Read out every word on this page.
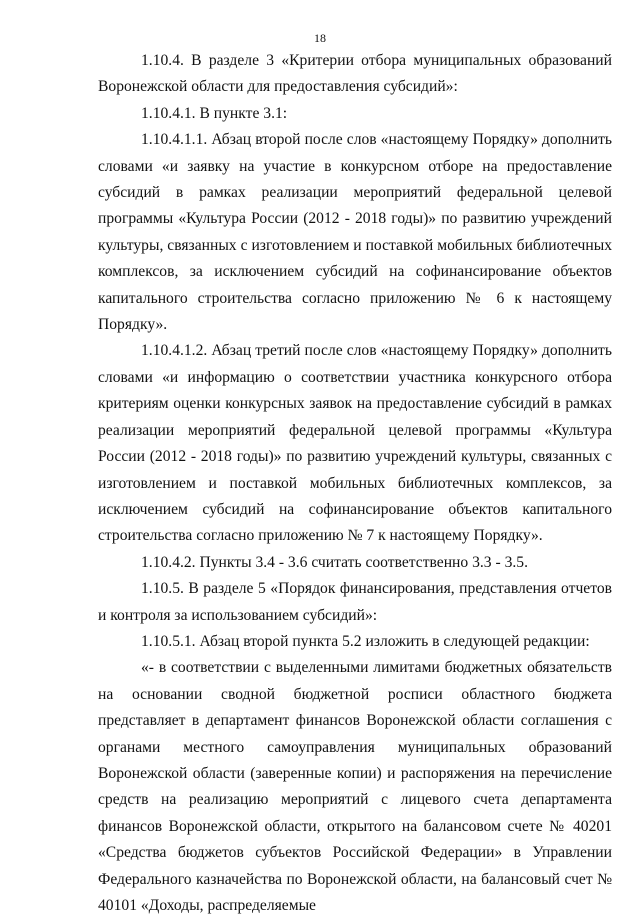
18

1.10.4. В разделе 3 «Критерии отбора муниципальных образований Воронежской области для предоставления субсидий»:

1.10.4.1. В пункте 3.1:

1.10.4.1.1. Абзац второй после слов «настоящему Порядку» дополнить словами «и заявку на участие в конкурсном отборе на предоставление субсидий в рамках реализации мероприятий федеральной целевой программы «Культура России (2012 - 2018 годы)» по развитию учреждений культуры, связанных с изготовлением и поставкой мобильных библиотечных комплексов, за исключением субсидий на софинансирование объектов капитального строительства согласно приложению № 6 к настоящему Порядку».

1.10.4.1.2. Абзац третий после слов «настоящему Порядку» дополнить словами «и информацию о соответствии участника конкурсного отбора критериям оценки конкурсных заявок на предоставление субсидий в рамках реализации мероприятий федеральной целевой программы «Культура России (2012 - 2018 годы)» по развитию учреждений культуры, связанных с изготовлением и поставкой мобильных библиотечных комплексов, за исключением субсидий на софинансирование объектов капитального строительства согласно приложению № 7 к настоящему Порядку».

1.10.4.2. Пункты 3.4 - 3.6 считать соответственно 3.3 - 3.5.

1.10.5. В разделе 5 «Порядок финансирования, представления отчетов и контроля за использованием субсидий»:

1.10.5.1. Абзац второй пункта 5.2 изложить в следующей редакции:

«- в соответствии с выделенными лимитами бюджетных обязательств на основании сводной бюджетной росписи областного бюджета представляет в департамент финансов Воронежской области соглашения с органами местного самоуправления муниципальных образований Воронежской области (заверенные копии) и распоряжения на перечисление средств на реализацию мероприятий с лицевого счета департамента финансов Воронежской области, открытого на балансовом счете № 40201 «Средства бюджетов субъектов Российской Федерации» в Управлении Федерального казначейства по Воронежской области, на балансовый счет № 40101 «Доходы, распределяемые
